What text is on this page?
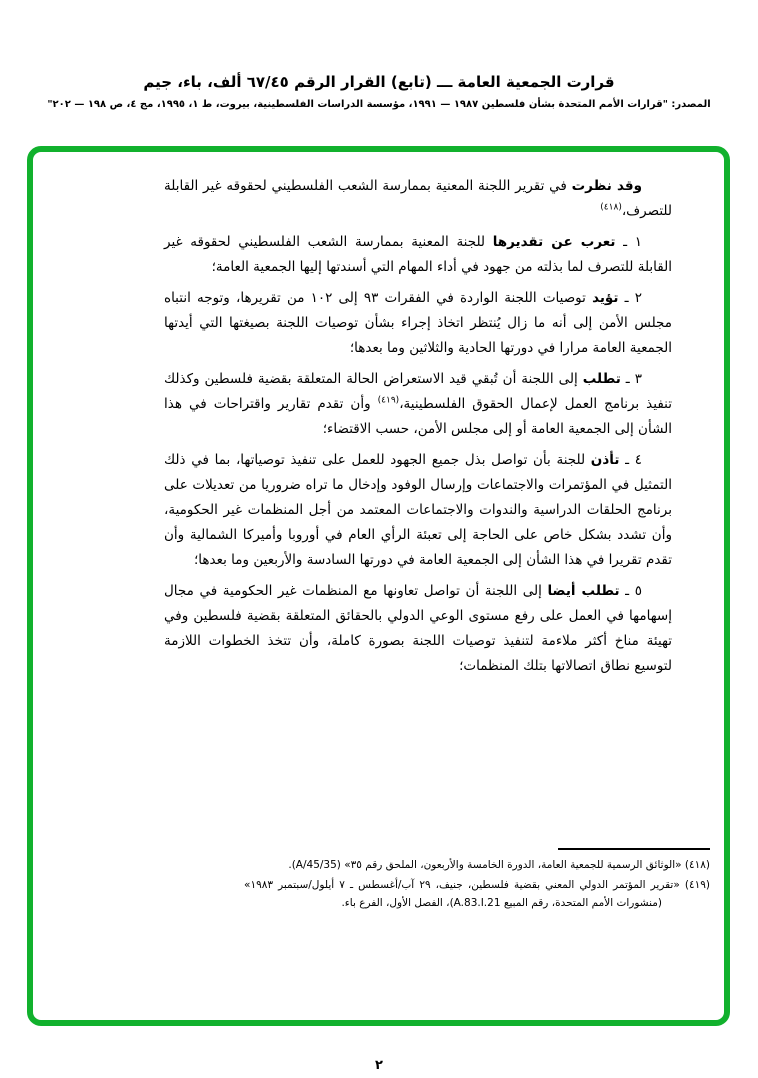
قرارت الجمعية العامة ـــ (تابع) القرار الرقم ٦٧/٤٥ ألف، باء، جيم

المصدر: "قرارات الأمم المتحدة بشأن فلسطين ١٩٨٧ — ١٩٩١، مؤسسة الدراسات الفلسطينية، بيروت، ط ١، ١٩٩٥، مج ٤، ص ١٩٨ — ٢٠٢"

وقد نظرت في تقرير اللجنة المعنية بممارسة الشعب الفلسطيني لحقوقه غير القابلة للتصرف،$^{(٤١٨)}$

١ ـ تعرب عن تقديرها للجنة المعنية بممارسة الشعب الفلسطيني لحقوقه غير القابلة للتصرف لما بذلته من جهود في أداء المهام التي أسندتها إليها الجمعية العامة؛

٢ ـ تؤيد توصيات اللجنة الواردة في الفقرات ٩٣ إلى ١٠٢ من تقريرها، وتوجه انتباه مجلس الأمن إلى أنه ما زال يُنتظر اتخاذ إجراء بشأن توصيات اللجنة بصيغتها التي أيدتها الجمعية العامة مرارا في دورتها الحادية والثلاثين وما بعدها؛

٣ ـ تطلب إلى اللجنة أن تُبقي قيد الاستعراض الحالة المتعلقة بقضية فلسطين وكذلك تنفيذ برنامج العمل لإعمال الحقوق الفلسطينية،$^{(٤١٩)}$ وأن تقدم تقارير واقتراحات في هذا الشأن إلى الجمعية العامة أو إلى مجلس الأمن، حسب الاقتضاء؛

٤ ـ تأذن للجنة بأن تواصل بذل جميع الجهود للعمل على تنفيذ توصياتها، بما في ذلك التمثيل في المؤتمرات والاجتماعات وإرسال الوفود وإدخال ما تراه ضروريا من تعديلات على برنامج الحلقات الدراسية والندوات والاجتماعات المعتمد من أجل المنظمات غير الحكومية، وأن تشدد بشكل خاص على الحاجة إلى تعبئة الرأي العام في أوروبا وأميركا الشمالية وأن تقدم تقريرا في هذا الشأن إلى الجمعية العامة في دورتها السادسة والأربعين وما بعدها؛

٥ ـ تطلب أيضا إلى اللجنة أن تواصل تعاونها مع المنظمات غير الحكومية في مجال إسهامها في العمل على رفع مستوى الوعي الدولي بالحقائق المتعلقة بقضية فلسطين وفي تهيئة مناخ أكثر ملاءمة لتنفيذ توصيات اللجنة بصورة كاملة، وأن تتخذ الخطوات اللازمة لتوسيع نطاق اتصالاتها بتلك المنظمات؛

(٤١٨) «الوثائق الرسمية للجمعية العامة، الدورة الخامسة والأربعون، الملحق رقم ٣٥» (A/45/35).
(٤١٩) «تقرير المؤتمر الدولي المعني بقضية فلسطين، جنيف، ٢٩ آب/أغسطس ـ ٧ أيلول/سبتمبر ١٩٨٣» (منشورات الأمم المتحدة، رقم المبيع A.83.I.21)، الفصل الأول، الفرع باء.
٢
